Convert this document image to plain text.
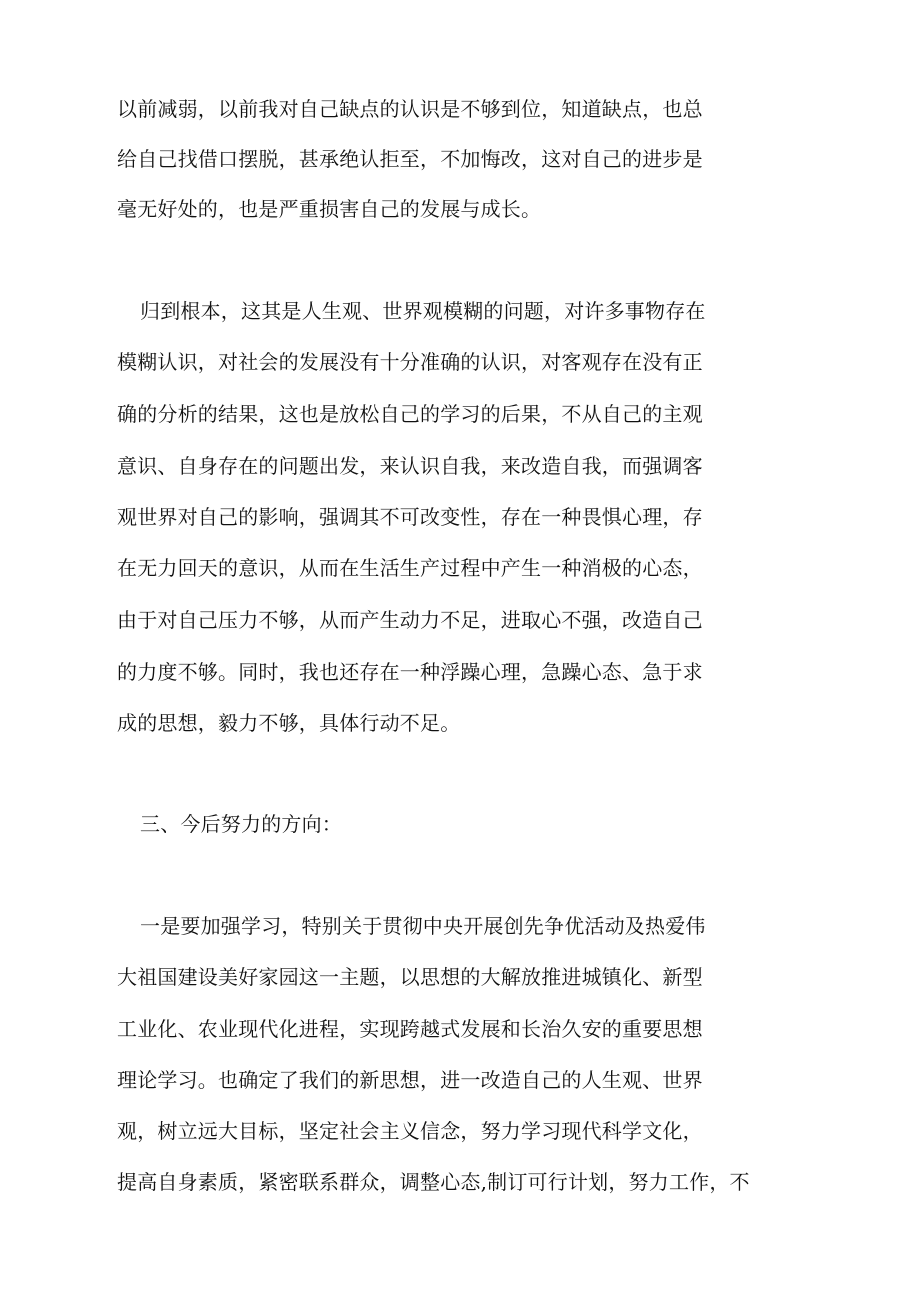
以前减弱，以前我对自己缺点的认识是不够到位，知道缺点，也总
给自己找借口摆脱，甚承绝认拒至，不加悔改，这对自己的进步是
毫无好处的，也是严重损害自己的发展与成长。
归到根本，这其是人生观、世界观模糊的问题，对许多事物存在
模糊认识，对社会的发展没有十分准确的认识，对客观存在没有正
确的分析的结果，这也是放松自己的学习的后果，不从自己的主观
意识、自身存在的问题出发，来认识自我，来改造自我，而强调客
观世界对自己的影响，强调其不可改变性，存在一种畏惧心理，存
在无力回天的意识，从而在生活生产过程中产生一种消极的心态，
由于对自己压力不够，从而产生动力不足，进取心不强，改造自己
的力度不够。同时，我也还存在一种浮躁心理，急躁心态、急于求
成的思想，毅力不够，具体行动不足。
三、今后努力的方向：
一是要加强学习，特别关于贯彻中央开展创先争优活动及热爱伟
大祖国建设美好家园这一主题，以思想的大解放推进城镇化、新型
工业化、农业现代化进程，实现跨越式发展和长治久安的重要思想
理论学习。也确定了我们的新思想，进一改造自己的人生观、世界
观，树立远大目标，坚定社会主义信念，努力学习现代科学文化，
提高自身素质，紧密联系群众，调整心态,制订可行计划，努力工作，不
